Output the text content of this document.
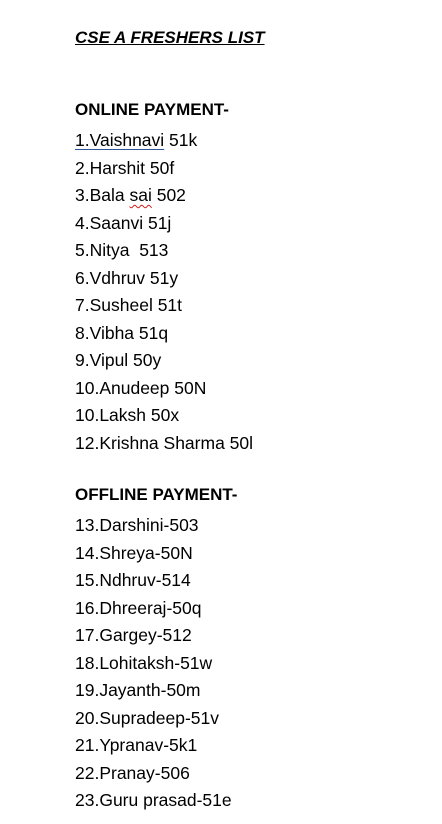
CSE A FRESHERS LIST
ONLINE PAYMENT-
1.Vaishnavi 51k
2.Harshit 50f
3.Bala sai 502
4.Saanvi 51j
5.Nitya  513
6.Vdhruv 51y
7.Susheel 51t
8.Vibha 51q
9.Vipul 50y
10.Anudeep 50N
10.Laksh 50x
12.Krishna Sharma 50l
OFFLINE PAYMENT-
13.Darshini-503
14.Shreya-50N
15.Ndhruv-514
16.Dhreeraj-50q
17.Gargey-512
18.Lohitaksh-51w
19.Jayanth-50m
20.Supradeep-51v
21.Ypranav-5k1
22.Pranay-506
23.Guru prasad-51e
